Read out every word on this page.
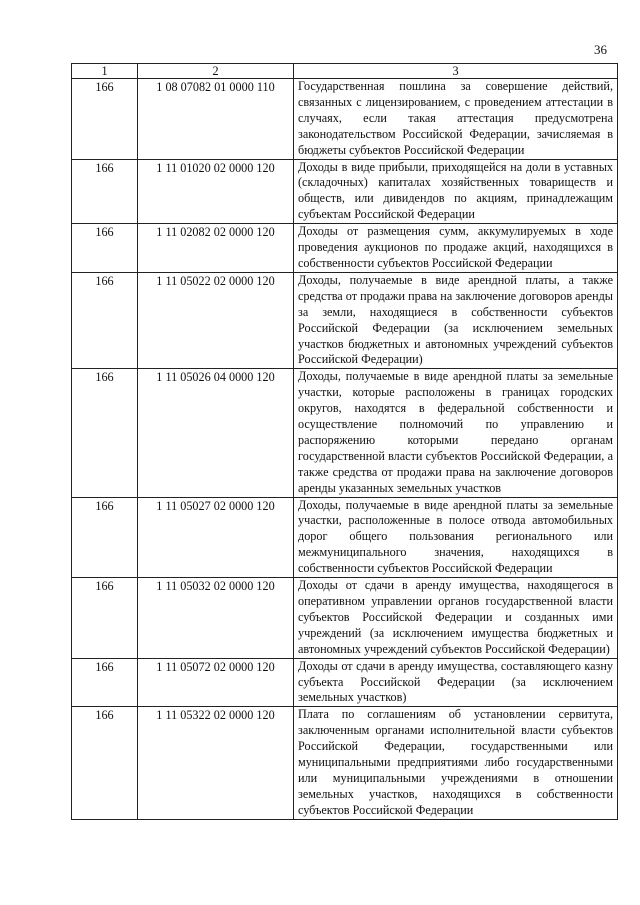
36
1	2	3
166	1 08 07082 01 0000 110	Государственная пошлина за совершение действий, связанных с лицензированием, с проведением аттестации в случаях, если такая аттестация предусмотрена законодательством Российской Федерации, зачисляемая в бюджеты субъектов Российской Федерации
166	1 11 01020 02 0000 120	Доходы в виде прибыли, приходящейся на доли в уставных (складочных) капиталах хозяйственных товариществ и обществ, или дивидендов по акциям, принадлежащим субъектам Российской Федерации
166	1 11 02082 02 0000 120	Доходы от размещения сумм, аккумулируемых в ходе проведения аукционов по продаже акций, находящихся в собственности субъектов Российской Федерации
166	1 11 05022 02 0000 120	Доходы, получаемые в виде арендной платы, а также средства от продажи права на заключение договоров аренды за земли, находящиеся в собственности субъектов Российской Федерации (за исключением земельных участков бюджетных и автономных учреждений субъектов Российской Федерации)
166	1 11 05026 04 0000 120	Доходы, получаемые в виде арендной платы за земельные участки, которые расположены в границах городских округов, находятся в федеральной собственности и осуществление полномочий по управлению и распоряжению которыми передано органам государственной власти субъектов Российской Федерации, а также средства от продажи права на заключение договоров аренды указанных земельных участков
166	1 11 05027 02 0000 120	Доходы, получаемые в виде арендной платы за земельные участки, расположенные в полосе отвода автомобильных дорог общего пользования регионального или межмуниципального значения, находящихся в собственности субъектов Российской Федерации
166	1 11 05032 02 0000 120	Доходы от сдачи в аренду имущества, находящегося в оперативном управлении органов государственной власти субъектов Российской Федерации и созданных ими учреждений (за исключением имущества бюджетных и автономных учреждений субъектов Российской Федерации)
166	1 11 05072 02 0000 120	Доходы от сдачи в аренду имущества, составляющего казну субъекта Российской Федерации (за исключением земельных участков)
166	1 11 05322 02 0000 120	Плата по соглашениям об установлении сервитута, заключенным органами исполнительной власти субъектов Российской Федерации, государственными или муниципальными предприятиями либо государственными или муниципальными учреждениями в отношении земельных участков, находящихся в собственности субъектов Российской Федерации
